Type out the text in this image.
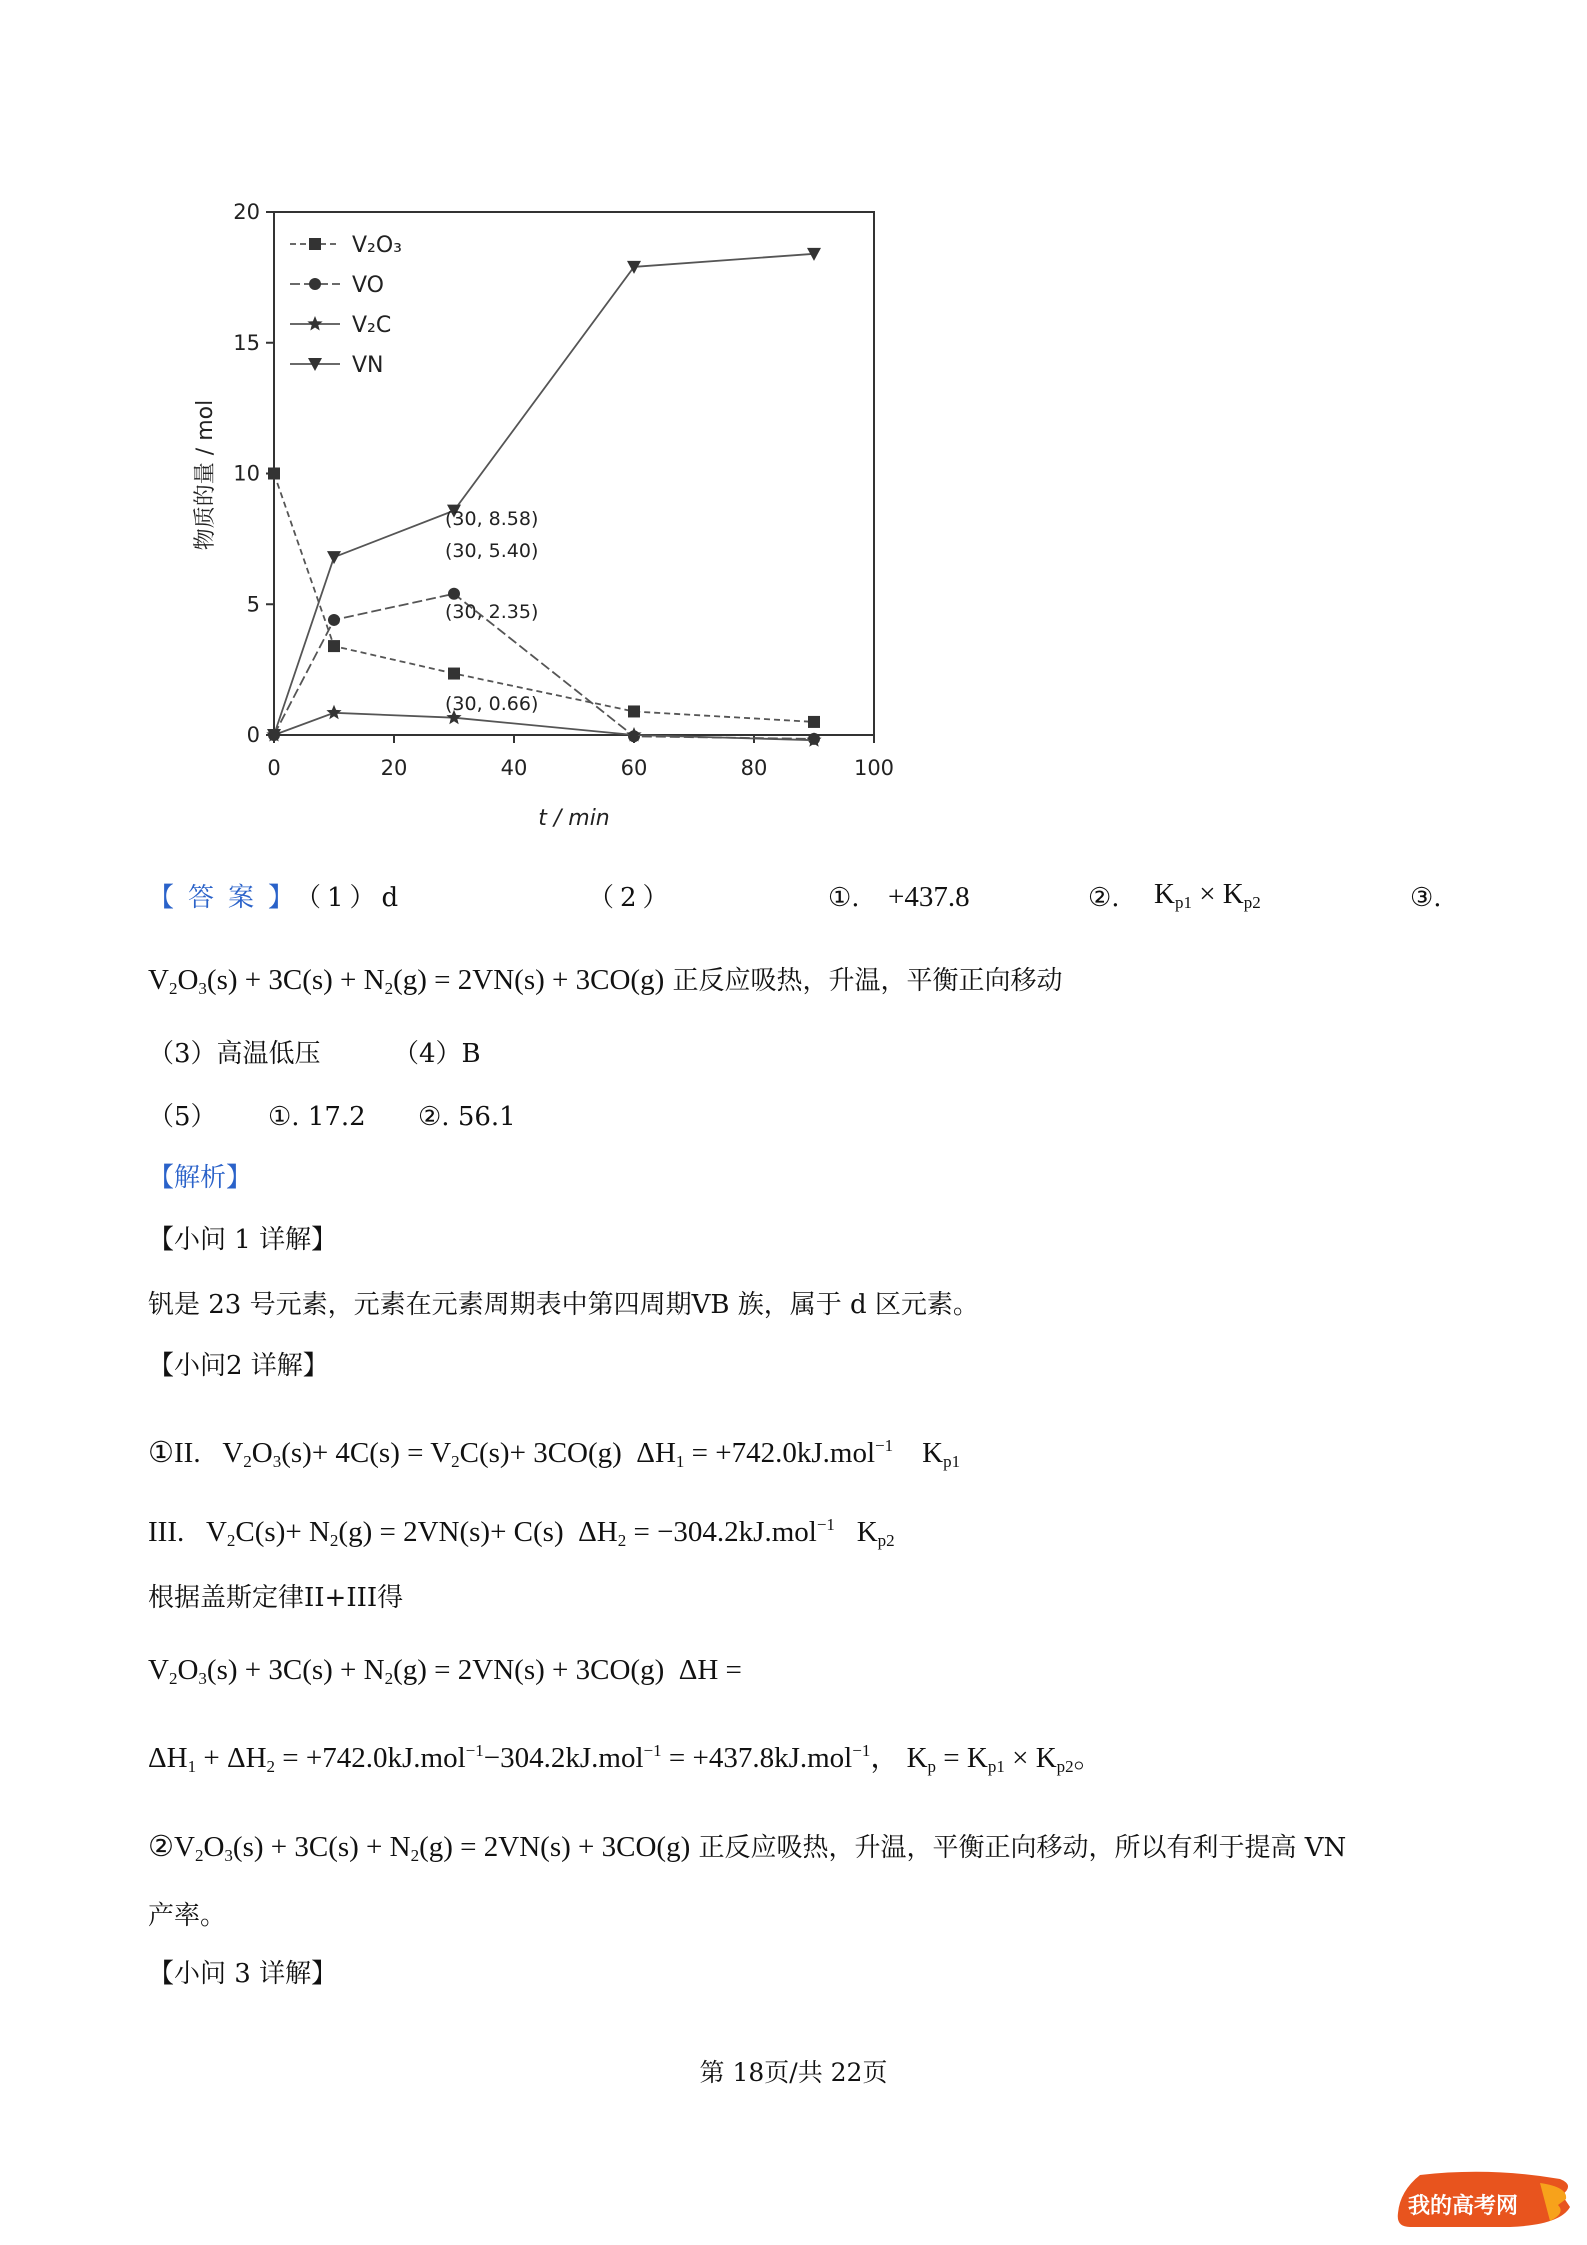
0	20	40	60	80	100
0
5
10
15
20
(30, 8.58)
(30, 5.40)
(30, 2.35)
(30, 0.66)
V₂O₃
VO
V₂C
VN
物质的量 / mol
t / min
【答案】（1）d	（2）	①. +437.8	②. $K_{p1} \times K_{p2}$	③.
$V_2O_3(s) + 3C(s) + N_2(g) = 2VN(s) + 3CO(g)$ 正反应吸热，升温，平衡正向移动
（3）高温低压	（4）B
（5） ①. 17.2 ②. 56.1
【解析】
【小问 1 详解】
钒是 23 号元素，元素在元素周期表中第四周期VB 族，属于 d 区元素。
【小问2 详解】
①II.   $V_2O_3(s)+ 4C(s) = V_2C(s)+ 3CO(g) \Delta H_1 = +742.0kJ.mol^{-1}$    $K_{p1}$
III.   $V_2C(s)+ N_2(g) = 2VN(s)+ C(s) \Delta H_2 = -304.2kJ.mol^{-1}$   $K_{p2}$
根据盖斯定律II+III得
$V_2O_3(s) + 3C(s) + N_2(g) = 2VN(s) + 3CO(g) \Delta H$ =
$\Delta H_1 + \Delta H_2 = +742.0kJ.mol^{-1}-304.2kJ.mol^{-1} = +437.8kJ.mol^{-1}$， $K_p = K_{p1} \times K_{p2}$。
$②V_2O_3(s) + 3C(s) + N_2(g) = 2VN(s) + 3CO(g)$ 正反应吸热，升温，平衡正向移动，所以有利于提高 VN
产率。
【小问 3 详解】
第 18页/共 22页
我的高考网
